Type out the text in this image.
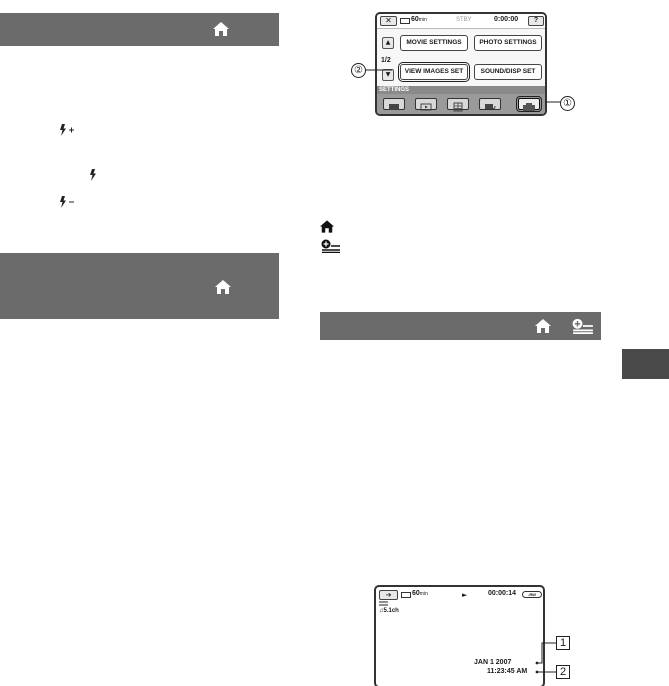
✕	60min	STBY	0:00:00	?
▲
1/2
▼
MOVIE SETTINGS	PHOTO SETTINGS
VIEW IMAGES SET	SOUND/DISP SET
SETTINGS
②
①
➔	60min	►	00:00:14	-RW
♫5.1ch
JAN 1 2007
11:23:45 AM
1
2
